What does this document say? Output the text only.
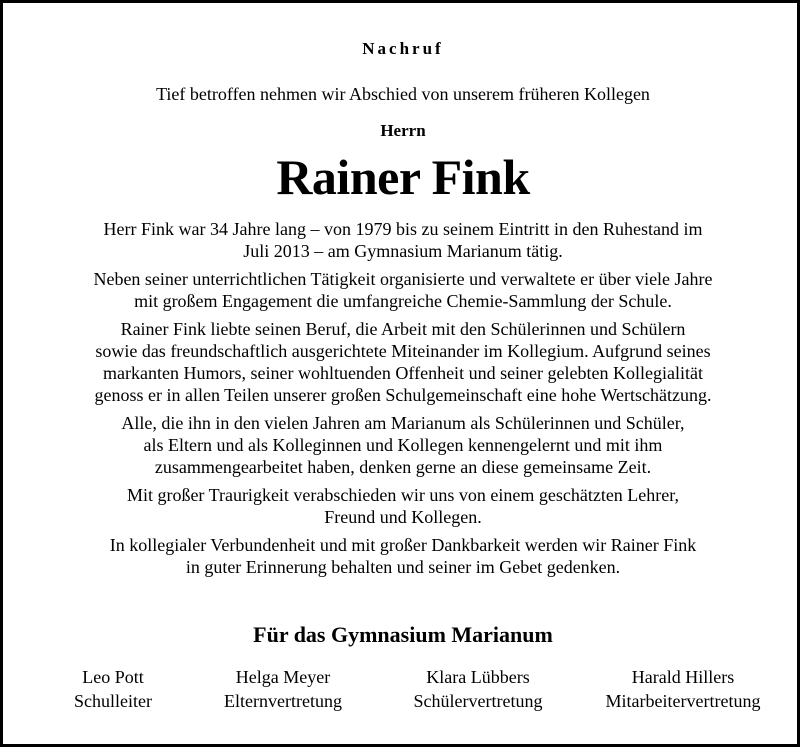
Nachruf
Tief betroffen nehmen wir Abschied von unserem früheren Kollegen
Herrn
Rainer Fink

Herr Fink war 34 Jahre lang – von 1979 bis zu seinem Eintritt in den Ruhestand im
Juli 2013 – am Gymnasium Marianum tätig.

Neben seiner unterrichtlichen Tätigkeit organisierte und verwaltete er über viele Jahre
mit großem Engagement die umfangreiche Chemie-Sammlung der Schule.

Rainer Fink liebte seinen Beruf, die Arbeit mit den Schülerinnen und Schülern
sowie das freundschaftlich ausgerichtete Miteinander im Kollegium. Aufgrund seines
markanten Humors, seiner wohltuenden Offenheit und seiner gelebten Kollegialität
genoss er in allen Teilen unserer großen Schulgemeinschaft eine hohe Wertschätzung.

Alle, die ihn in den vielen Jahren am Marianum als Schülerinnen und Schüler,
als Eltern und als Kolleginnen und Kollegen kennengelernt und mit ihm
zusammengearbeitet haben, denken gerne an diese gemeinsame Zeit.

Mit großer Traurigkeit verabschieden wir uns von einem geschätzten Lehrer,
Freund und Kollegen.

In kollegialer Verbundenheit und mit großer Dankbarkeit werden wir Rainer Fink
in guter Erinnerung behalten und seiner im Gebet gedenken.

Für das Gymnasium Marianum
Leo Pott
Schulleiter
Helga Meyer
Elternvertretung
Klara Lübbers
Schülervertretung
Harald Hillers
Mitarbeitervertretung
